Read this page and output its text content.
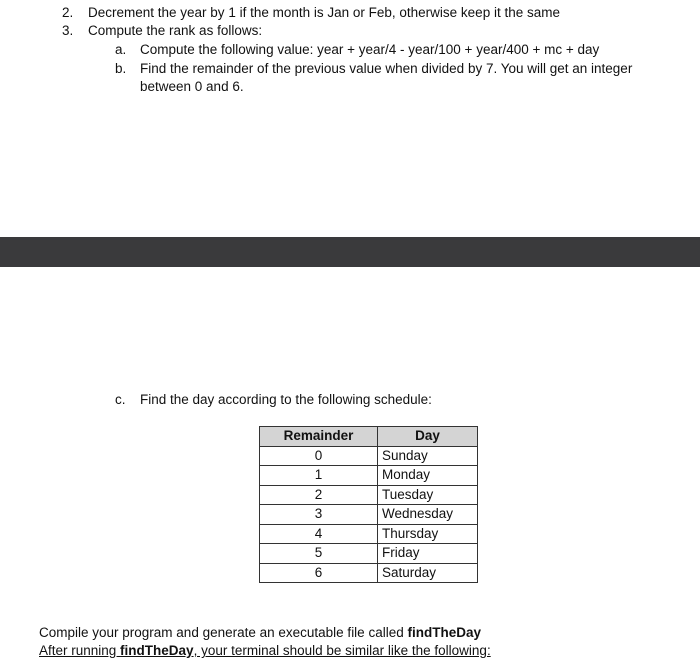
2. Decrement the year by 1 if the month is Jan or Feb, otherwise keep it the same
3. Compute the rank as follows:
a. Compute the following value: year + year/4 - year/100 + year/400 + mc + day
b. Find the remainder of the previous value when divided by 7. You will get an integer
between 0 and 6.
c. Find the day according to the following schedule:
Remainder	Day
0	Sunday
1	Monday
2	Tuesday
3	Wednesday
4	Thursday
5	Friday
6	Saturday
Compile your program and generate an executable file called findTheDay
After running findTheDay, your terminal should be similar like the following:
